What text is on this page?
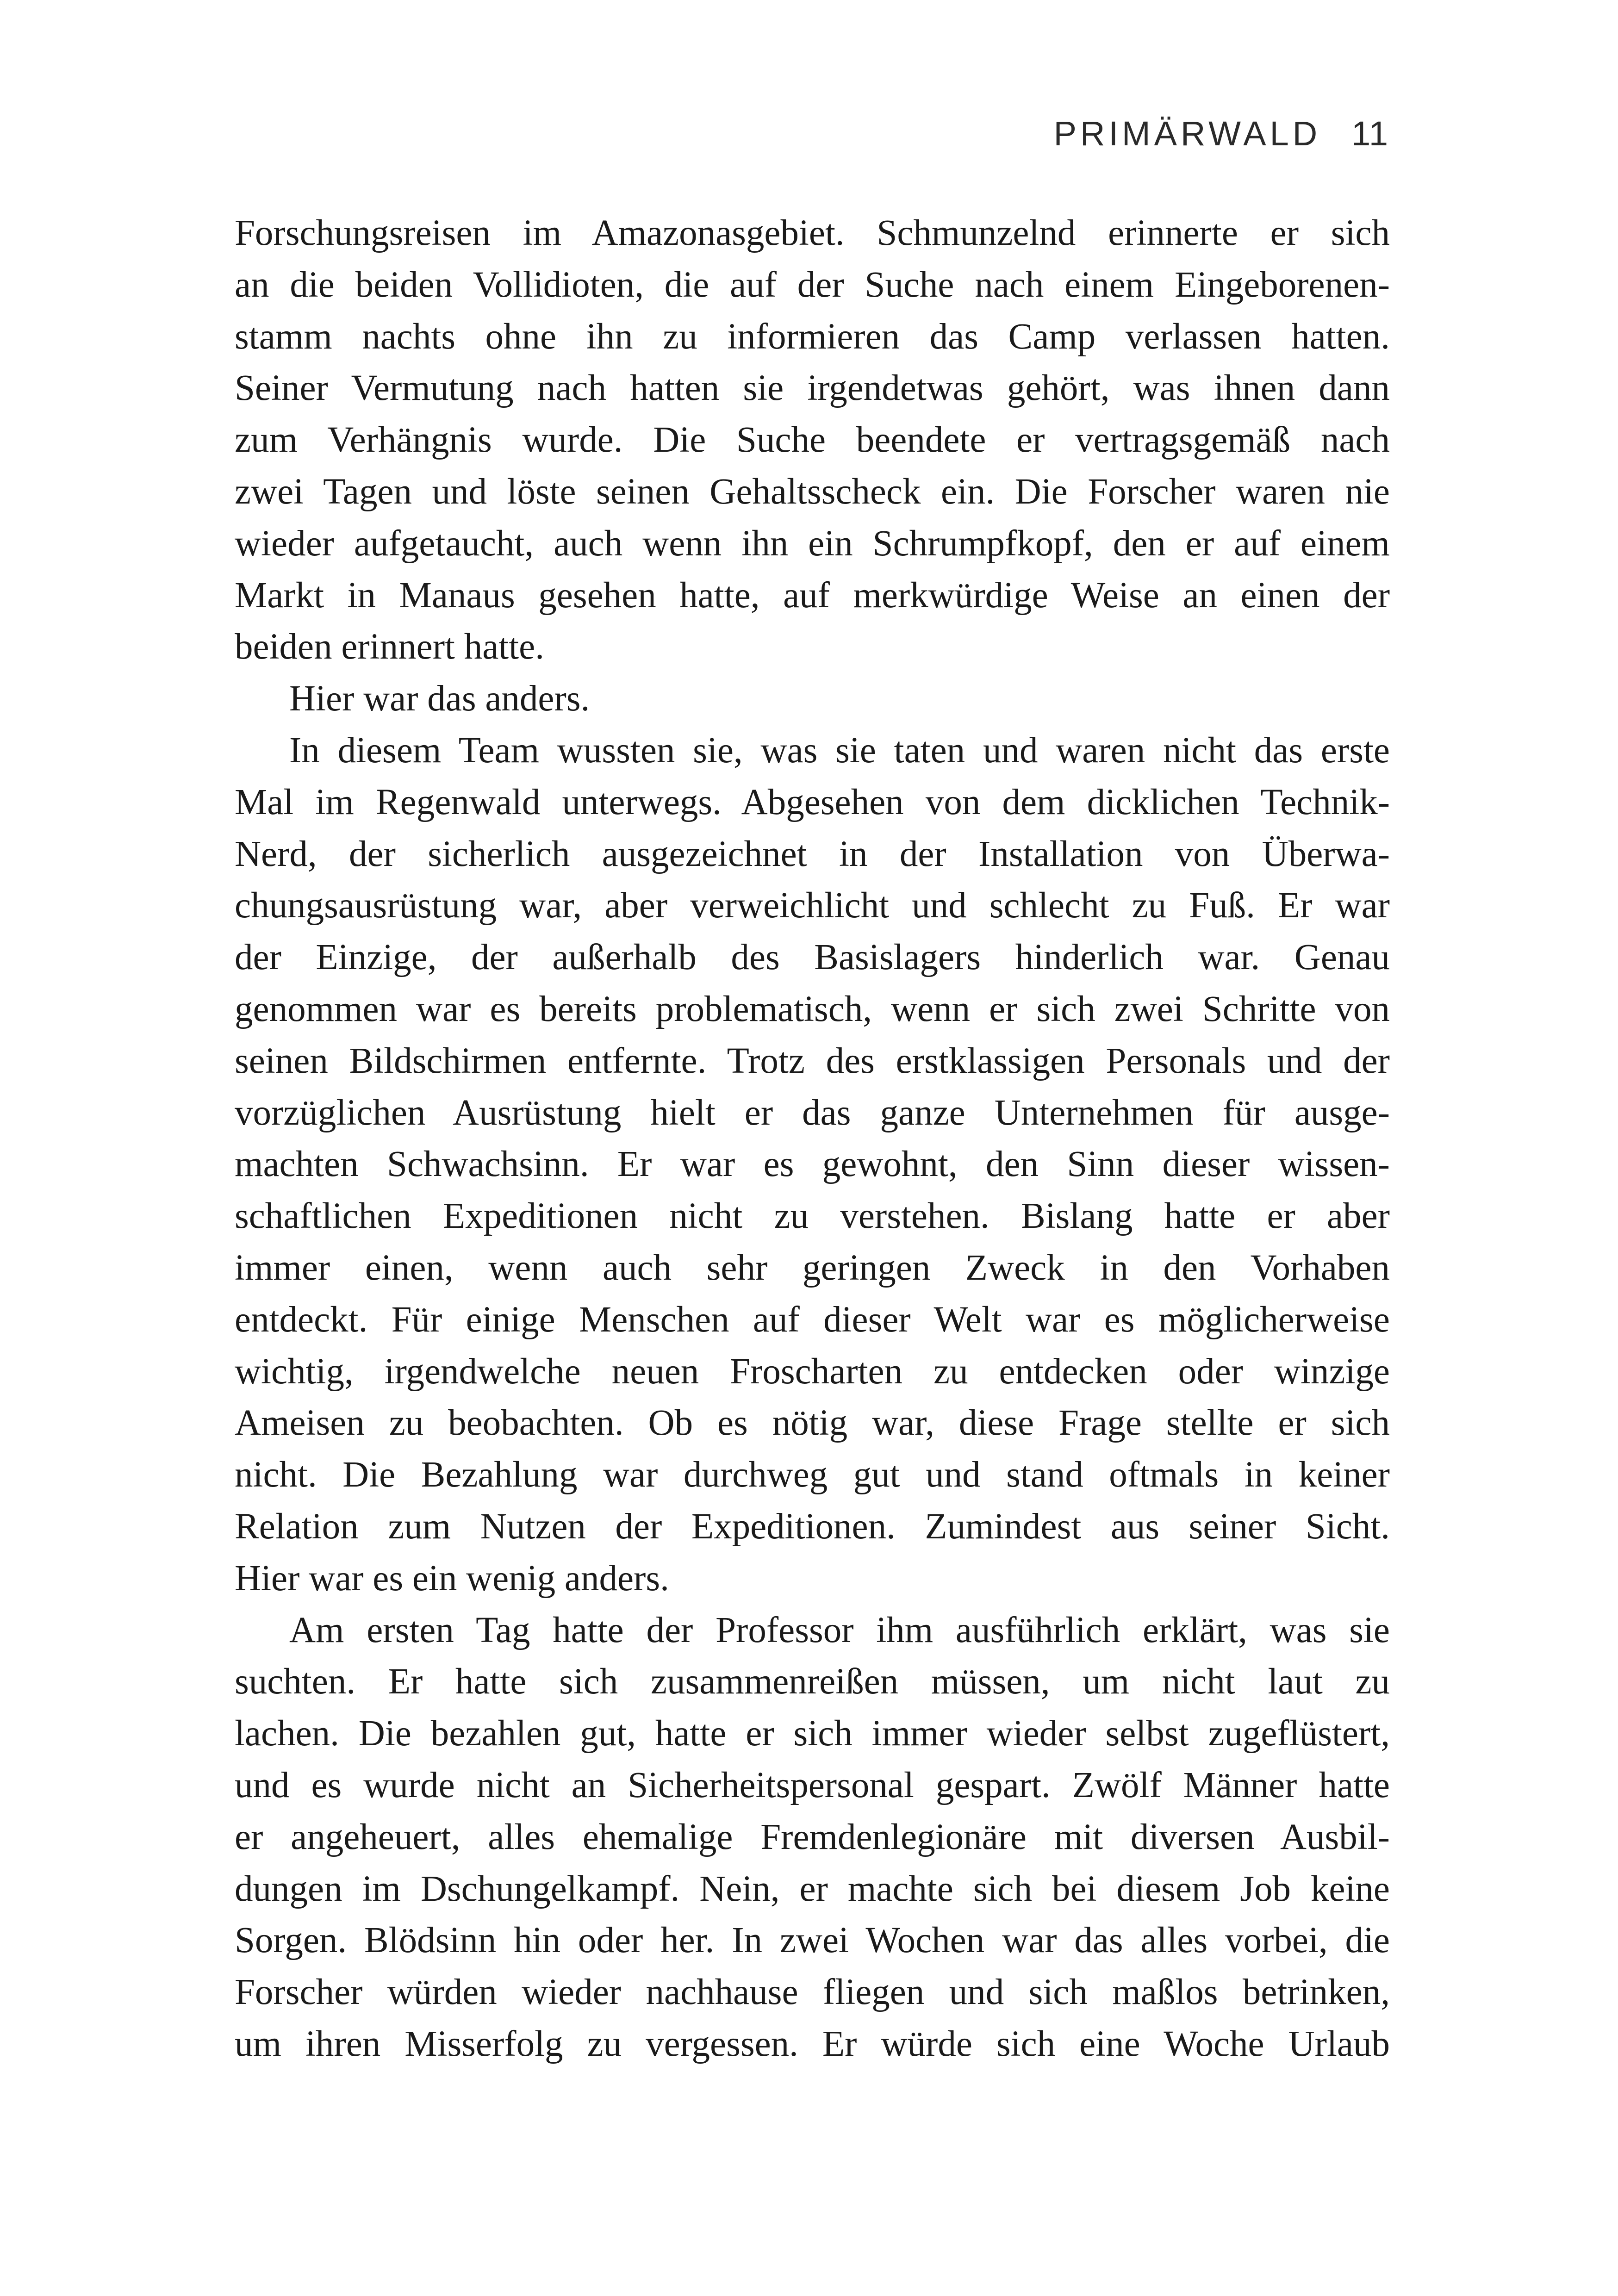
PRIMÄRWALD 11
Forschungsreisen im Amazonasgebiet. Schmunzelnd erinnerte er sich
an die beiden Vollidioten, die auf der Suche nach einem Eingeborenen-
stamm nachts ohne ihn zu informieren das Camp verlassen hatten.
Seiner Vermutung nach hatten sie irgendetwas gehört, was ihnen dann
zum Verhängnis wurde. Die Suche beendete er vertragsgemäß nach
zwei Tagen und löste seinen Gehaltsscheck ein. Die Forscher waren nie
wieder aufgetaucht, auch wenn ihn ein Schrumpfkopf, den er auf einem
Markt in Manaus gesehen hatte, auf merkwürdige Weise an einen der
beiden erinnert hatte.
Hier war das anders.
In diesem Team wussten sie, was sie taten und waren nicht das erste
Mal im Regenwald unterwegs. Abgesehen von dem dicklichen Technik-
Nerd, der sicherlich ausgezeichnet in der Installation von Überwa-
chungsausrüstung war, aber verweichlicht und schlecht zu Fuß. Er war
der Einzige, der außerhalb des Basislagers hinderlich war. Genau
genommen war es bereits problematisch, wenn er sich zwei Schritte von
seinen Bildschirmen entfernte. Trotz des erstklassigen Personals und der
vorzüglichen Ausrüstung hielt er das ganze Unternehmen für ausge-
machten Schwachsinn. Er war es gewohnt, den Sinn dieser wissen-
schaftlichen Expeditionen nicht zu verstehen. Bislang hatte er aber
immer einen, wenn auch sehr geringen Zweck in den Vorhaben
entdeckt. Für einige Menschen auf dieser Welt war es möglicherweise
wichtig, irgendwelche neuen Froscharten zu entdecken oder winzige
Ameisen zu beobachten. Ob es nötig war, diese Frage stellte er sich
nicht. Die Bezahlung war durchweg gut und stand oftmals in keiner
Relation zum Nutzen der Expeditionen. Zumindest aus seiner Sicht.
Hier war es ein wenig anders.
Am ersten Tag hatte der Professor ihm ausführlich erklärt, was sie
suchten. Er hatte sich zusammenreißen müssen, um nicht laut zu
lachen. Die bezahlen gut, hatte er sich immer wieder selbst zugeflüstert,
und es wurde nicht an Sicherheitspersonal gespart. Zwölf Männer hatte
er angeheuert, alles ehemalige Fremdenlegionäre mit diversen Ausbil-
dungen im Dschungelkampf. Nein, er machte sich bei diesem Job keine
Sorgen. Blödsinn hin oder her. In zwei Wochen war das alles vorbei, die
Forscher würden wieder nachhause fliegen und sich maßlos betrinken,
um ihren Misserfolg zu vergessen. Er würde sich eine Woche Urlaub
